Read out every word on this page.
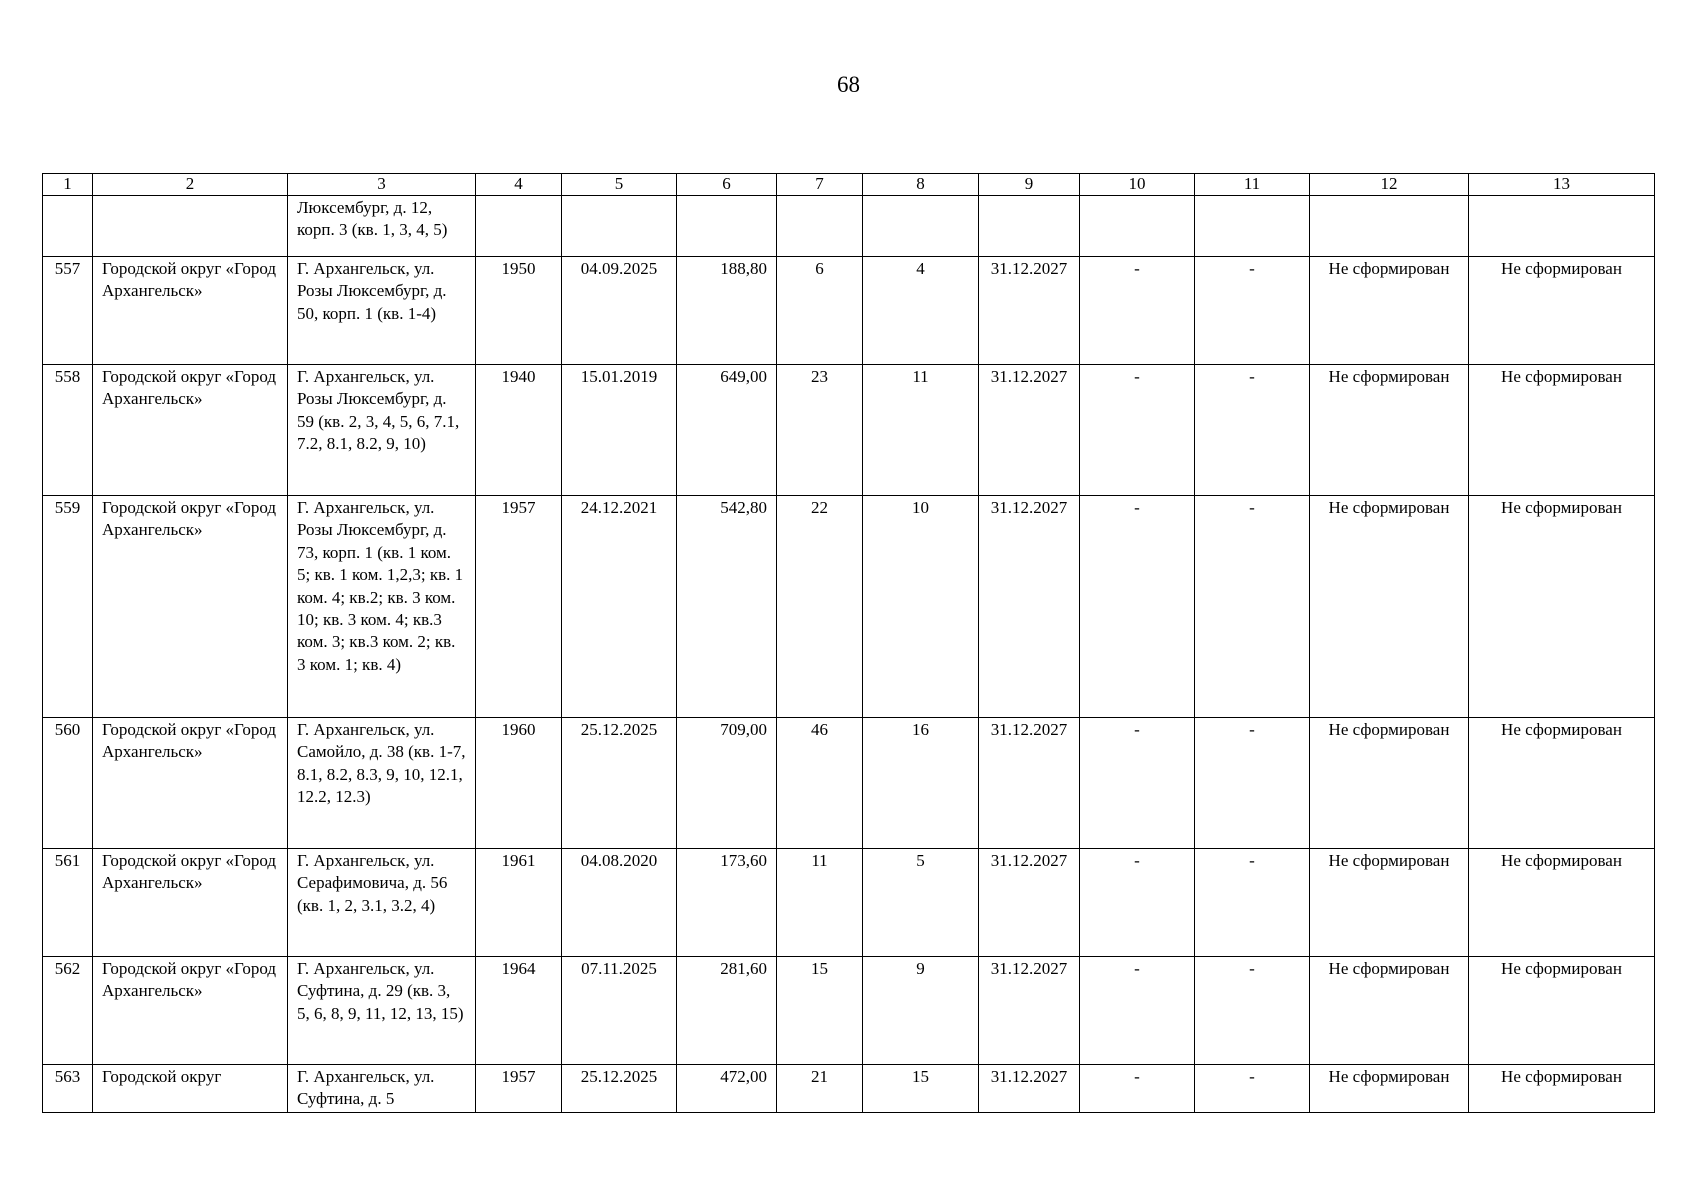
68
1	2	3	4	5	6	7	8	9	10	11	12	13
		Люксембург, д. 12, корп. 3 (кв. 1, 3, 4, 5)										
557	Городской округ «Город Архангельск»	Г. Архангельск, ул. Розы Люксембург, д. 50, корп. 1 (кв. 1-4)	1950	04.09.2025	188,80	6	4	31.12.2027	-	-	Не сформирован	Не сформирован
558	Городской округ «Город Архангельск»	Г. Архангельск, ул. Розы Люксембург, д. 59 (кв. 2, 3, 4, 5, 6, 7.1, 7.2, 8.1, 8.2, 9, 10)	1940	15.01.2019	649,00	23	11	31.12.2027	-	-	Не сформирован	Не сформирован
559	Городской округ «Город Архангельск»	Г. Архангельск, ул. Розы Люксембург, д. 73, корп. 1 (кв. 1 ком. 5; кв. 1 ком. 1,2,3; кв. 1 ком. 4; кв.2; кв. 3 ком. 10; кв. 3 ком. 4; кв.3 ком. 3; кв.3 ком. 2; кв. 3 ком. 1; кв. 4)	1957	24.12.2021	542,80	22	10	31.12.2027	-	-	Не сформирован	Не сформирован
560	Городской округ «Город Архангельск»	Г. Архангельск, ул. Самойло, д. 38 (кв. 1-7, 8.1, 8.2, 8.3, 9, 10, 12.1, 12.2, 12.3)	1960	25.12.2025	709,00	46	16	31.12.2027	-	-	Не сформирован	Не сформирован
561	Городской округ «Город Архангельск»	Г. Архангельск, ул. Серафимовича, д. 56 (кв. 1, 2, 3.1, 3.2, 4)	1961	04.08.2020	173,60	11	5	31.12.2027	-	-	Не сформирован	Не сформирован
562	Городской округ «Город Архангельск»	Г. Архангельск, ул. Суфтина, д. 29 (кв. 3, 5, 6, 8, 9, 11, 12, 13, 15)	1964	07.11.2025	281,60	15	9	31.12.2027	-	-	Не сформирован	Не сформирован
563	Городской округ	Г. Архангельск, ул. Суфтина, д. 5	1957	25.12.2025	472,00	21	15	31.12.2027	-	-	Не сформирован	Не сформирован
